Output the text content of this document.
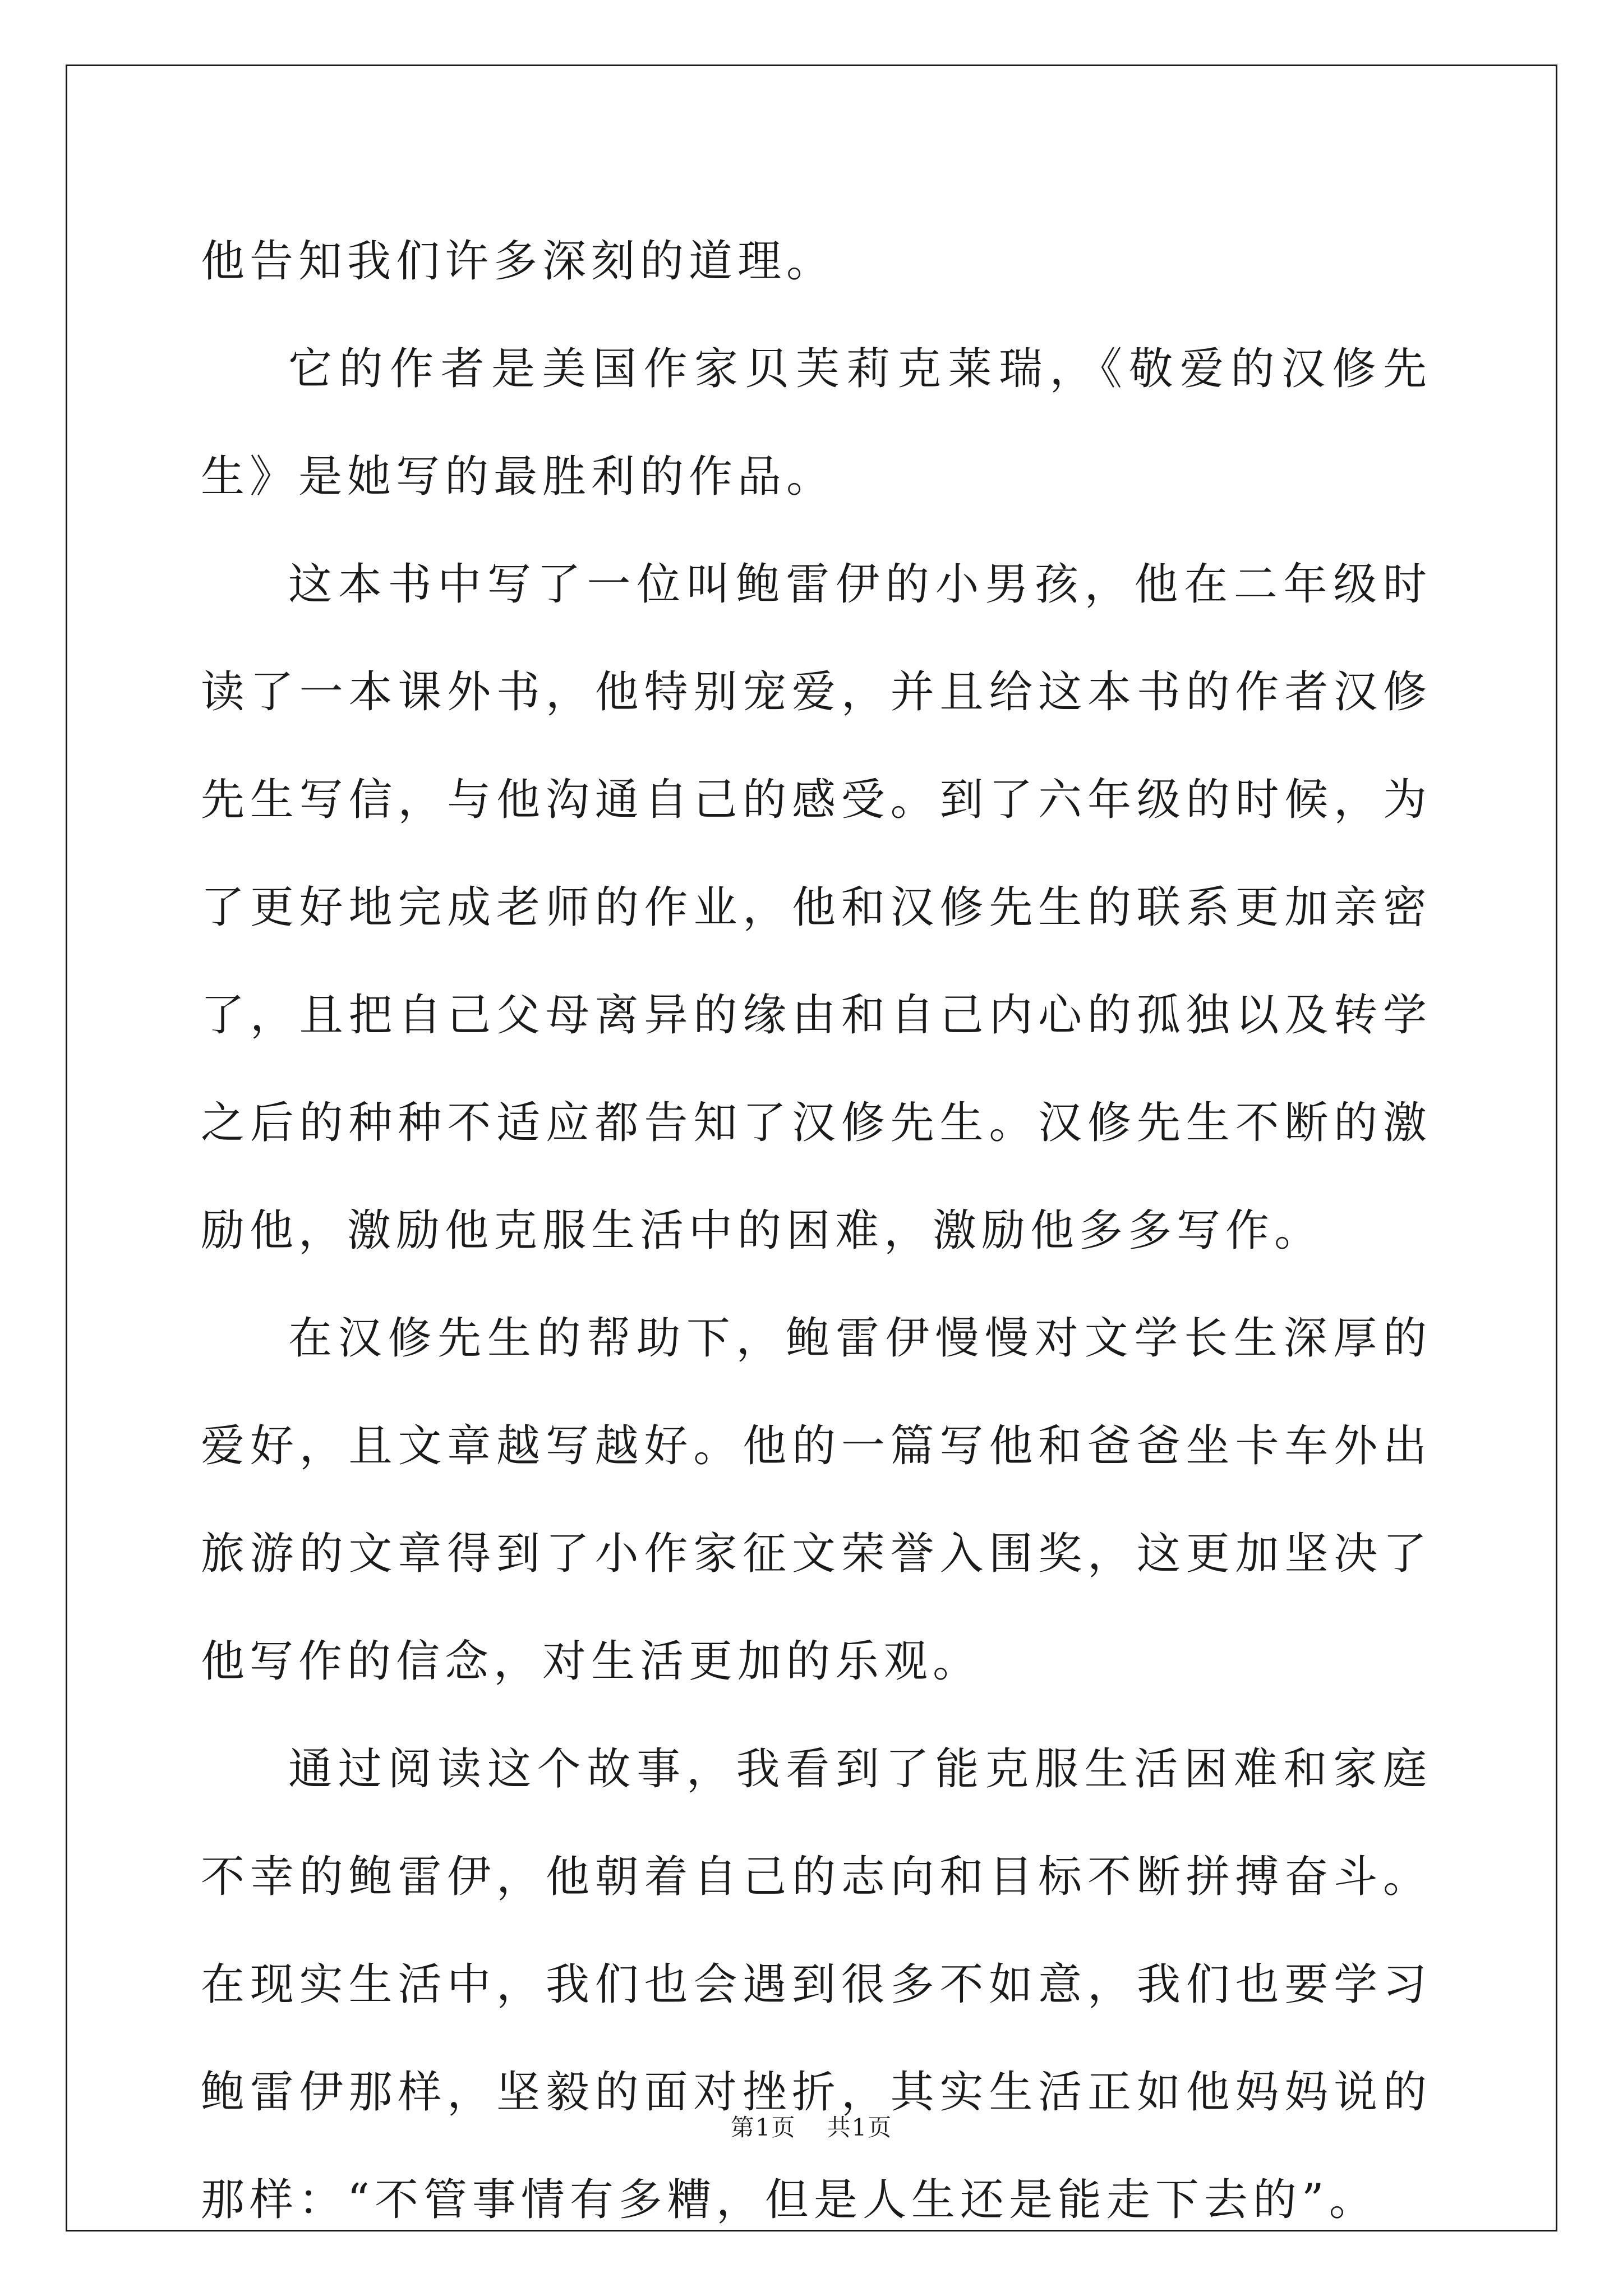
他告知我们许多深刻的道理。

它的作者是美国作家贝芙莉克莱瑞，《敬爱的汉修先生》是她写的最胜利的作品。

这本书中写了一位叫鲍雷伊的小男孩，他在二年级时读了一本课外书，他特别宠爱，并且给这本书的作者汉修先生写信，与他沟通自己的感受。到了六年级的时候，为了更好地完成老师的作业，他和汉修先生的联系更加亲密了，且把自己父母离异的缘由和自己内心的孤独以及转学之后的种种不适应都告知了汉修先生。汉修先生不断的激励他，激励他克服生活中的困难，激励他多多写作。

在汉修先生的帮助下，鲍雷伊慢慢对文学长生深厚的爱好，且文章越写越好。他的一篇写他和爸爸坐卡车外出旅游的文章得到了小作家征文荣誉入围奖，这更加坚决了他写作的信念，对生活更加的乐观。

通过阅读这个故事，我看到了能克服生活困难和家庭不幸的鲍雷伊，他朝着自己的志向和目标不断拼搏奋斗。在现实生活中，我们也会遇到很多不如意，我们也要学习鲍雷伊那样，坚毅的面对挫折，其实生活正如他妈妈说的那样：“不管事情有多糟，但是人生还是能走下去的”。

第1页 共1页
